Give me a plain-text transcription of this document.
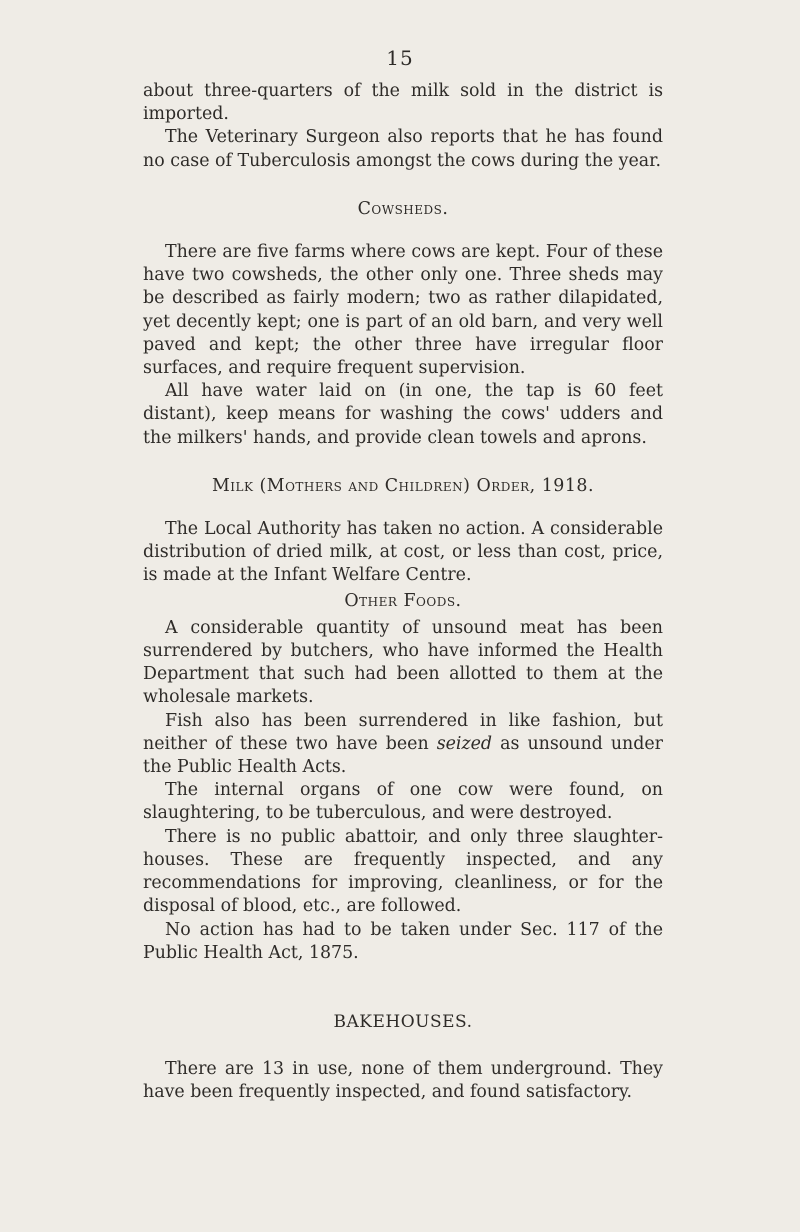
15

about three-quarters of the milk sold in the district is imported.

The Veterinary Surgeon also reports that he has found no case of Tuberculosis amongst the cows during the year.

Cowsheds.

There are five farms where cows are kept. Four of these have two cowsheds, the other only one. Three sheds may be described as fairly modern; two as rather dilapidated, yet decently kept; one is part of an old barn, and very well paved and kept; the other three have irregular floor surfaces, and require frequent supervision.

All have water laid on (in one, the tap is 60 feet distant), keep means for washing the cows' udders and the milkers' hands, and provide clean towels and aprons.

Milk (Mothers and Children) Order, 1918.

The Local Authority has taken no action. A considerable distribution of dried milk, at cost, or less than cost, price, is made at the Infant Welfare Centre.

Other Foods.

A considerable quantity of unsound meat has been surrendered by butchers, who have informed the Health Department that such had been allotted to them at the wholesale markets.

Fish also has been surrendered in like fashion, but neither of these two have been seized as unsound under the Public Health Acts.

The internal organs of one cow were found, on slaughtering, to be tuberculous, and were destroyed.

There is no public abattoir, and only three slaughter-houses. These are frequently inspected, and any recommendations for improving, cleanliness, or for the disposal of blood, etc., are followed.

No action has had to be taken under Sec. 117 of the Public Health Act, 1875.

BAKEHOUSES.

There are 13 in use, none of them underground. They have been frequently inspected, and found satisfactory.
